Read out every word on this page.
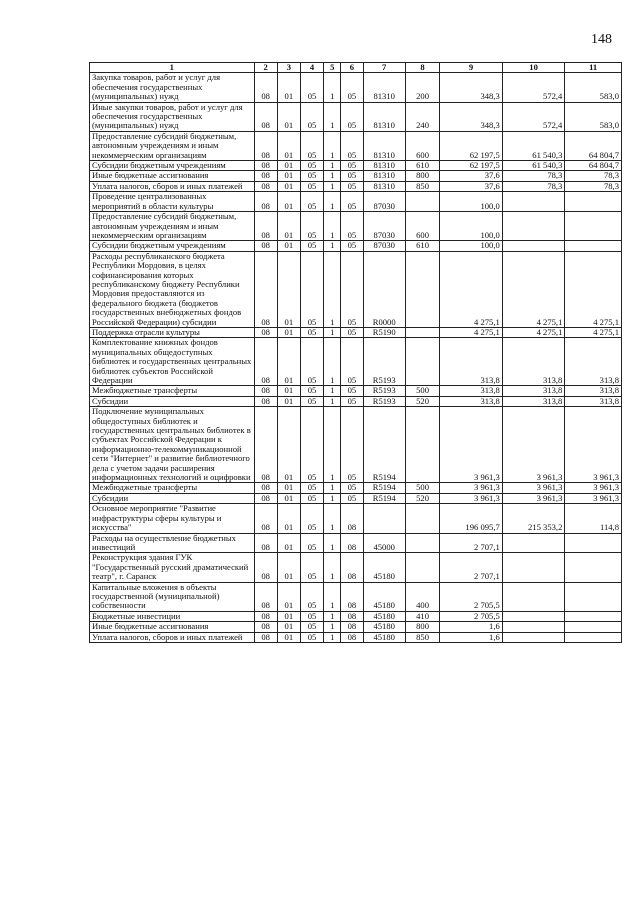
148
1	2	3	4	5	6	7	8	9	10	11
Закупка товаров, работ и услуг для обеспечения государственных (муниципальных) нужд	08	01	05	1	05	81310	200	348,3	572,4	583,0
Иные закупки товаров, работ и услуг для обеспечения государственных (муниципальных) нужд	08	01	05	1	05	81310	240	348,3	572,4	583,0
Предоставление субсидий бюджетным, автономным учреждениям и иным некоммерческим организациям	08	01	05	1	05	81310	600	62 197,5	61 540,3	64 804,7
Субсидии бюджетным учреждениям	08	01	05	1	05	81310	610	62 197,5	61 540,3	64 804,7
Иные бюджетные ассигнования	08	01	05	1	05	81310	800	37,6	78,3	78,3
Уплата налогов, сборов и иных платежей	08	01	05	1	05	81310	850	37,6	78,3	78,3
Проведение централизованных мероприятий в области культуры	08	01	05	1	05	87030		100,0		
Предоставление субсидий бюджетным, автономным учреждениям и иным некоммерческим организациям	08	01	05	1	05	87030	600	100,0		
Субсидии бюджетным учреждениям	08	01	05	1	05	87030	610	100,0		
Расходы республиканского бюджета Республики Мордовия, в целях софинансирования которых республиканскому бюджету Республики Мордовия предоставляются из федерального бюджета (бюджетов государственных внебюджетных фондов Российской Федерации) субсидии	08	01	05	1	05	R0000		4 275,1	4 275,1	4 275,1
Поддержка отрасли культуры	08	01	05	1	05	R5190		4 275,1	4 275,1	4 275,1
Комплектование книжных фондов муниципальных общедоступных библиотек и государственных центральных библиотек субъектов Российской Федерации	08	01	05	1	05	R5193		313,8	313,8	313,8
Межбюджетные трансферты	08	01	05	1	05	R5193	500	313,8	313,8	313,8
Субсидии	08	01	05	1	05	R5193	520	313,8	313,8	313,8
Подключение муниципальных общедоступных библиотек и государственных центральных библиотек в субъектах Российской Федерации к информационно-телекоммуникационной сети "Интернет" и развитие библиотечного дела с учетом задачи расширения информационных технологий и оцифровки	08	01	05	1	05	R5194		3 961,3	3 961,3	3 961,3
Межбюджетные трансферты	08	01	05	1	05	R5194	500	3 961,3	3 961,3	3 961,3
Субсидии	08	01	05	1	05	R5194	520	3 961,3	3 961,3	3 961,3
Основное мероприятие "Развитие инфраструктуры сферы культуры и искусства"	08	01	05	1	08			196 095,7	215 353,2	114,8
Расходы на осуществление бюджетных инвестиций	08	01	05	1	08	45000		2 707,1		
Реконструкция здания ГУК "Государственный русский драматический театр", г. Саранск	08	01	05	1	08	45180		2 707,1		
Капитальные вложения в объекты государственной (муниципальной) собственности	08	01	05	1	08	45180	400	2 705,5		
Бюджетные инвестиции	08	01	05	1	08	45180	410	2 705,5		
Иные бюджетные ассигнования	08	01	05	1	08	45180	800	1,6		
Уплата налогов, сборов и иных платежей	08	01	05	1	08	45180	850	1,6		
